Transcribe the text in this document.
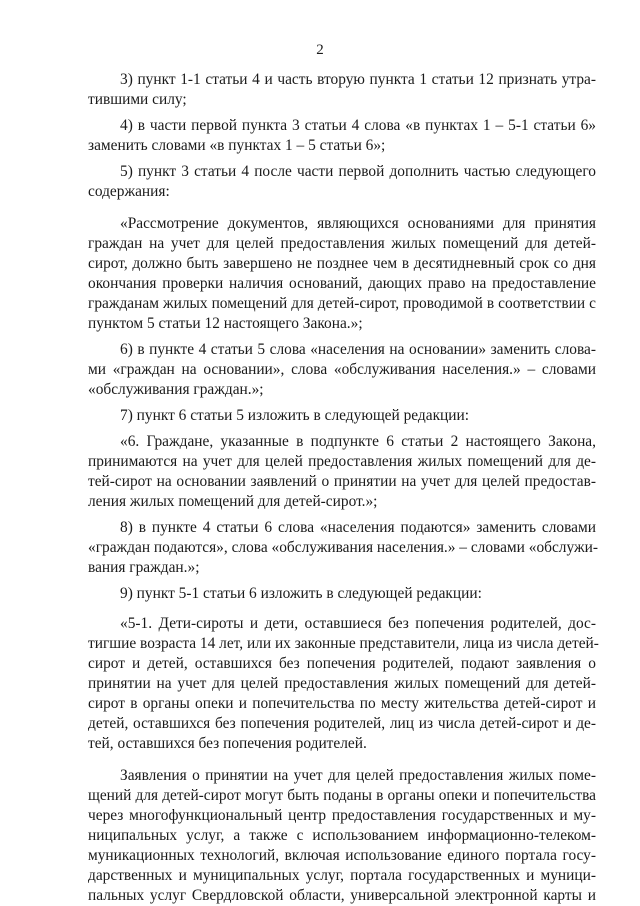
2
3) пункт 1-1 статьи 4 и часть вторую пункта 1 статьи 12 признать утра-
тившими силу;
4) в части первой пункта 3 статьи 4 слова «в пунктах 1 – 5-1 статьи 6»
заменить словами «в пунктах 1 – 5 статьи 6»;
5) пункт 3 статьи 4 после части первой дополнить частью следующего
содержания:
«Рассмотрение документов, являющихся основаниями для принятия
граждан на учет для целей предоставления жилых помещений для детей-
сирот, должно быть завершено не позднее чем в десятидневный срок со дня
окончания проверки наличия оснований, дающих право на предоставление
гражданам жилых помещений для детей-сирот, проводимой в соответствии с
пунктом 5 статьи 12 настоящего Закона.»;
6) в пункте 4 статьи 5 слова «населения на основании» заменить слова-
ми «граждан на основании», слова «обслуживания населения.» – словами
«обслуживания граждан.»;
7) пункт 6 статьи 5 изложить в следующей редакции:
«6. Граждане, указанные в подпункте 6 статьи 2 настоящего Закона,
принимаются на учет для целей предоставления жилых помещений для де-
тей-сирот на основании заявлений о принятии на учет для целей предостав-
ления жилых помещений для детей-сирот.»;
8) в пункте 4 статьи 6 слова «населения подаются» заменить словами
«граждан подаются», слова «обслуживания населения.» – словами «обслужи-
вания граждан.»;
9) пункт 5-1 статьи 6 изложить в следующей редакции:
«5-1. Дети-сироты и дети, оставшиеся без попечения родителей, дос-
тигшие возраста 14 лет, или их законные представители, лица из числа детей-
сирот и детей, оставшихся без попечения родителей, подают заявления о
принятии на учет для целей предоставления жилых помещений для детей-
сирот в органы опеки и попечительства по месту жительства детей-сирот и
детей, оставшихся без попечения родителей, лиц из числа детей-сирот и де-
тей, оставшихся без попечения родителей.
Заявления о принятии на учет для целей предоставления жилых поме-
щений для детей-сирот могут быть поданы в органы опеки и попечительства
через многофункциональный центр предоставления государственных и му-
ниципальных услуг, а также с использованием информационно-телеком-
муникационных технологий, включая использование единого портала госу-
дарственных и муниципальных услуг, портала государственных и муници-
пальных услуг Свердловской области, универсальной электронной карты и
